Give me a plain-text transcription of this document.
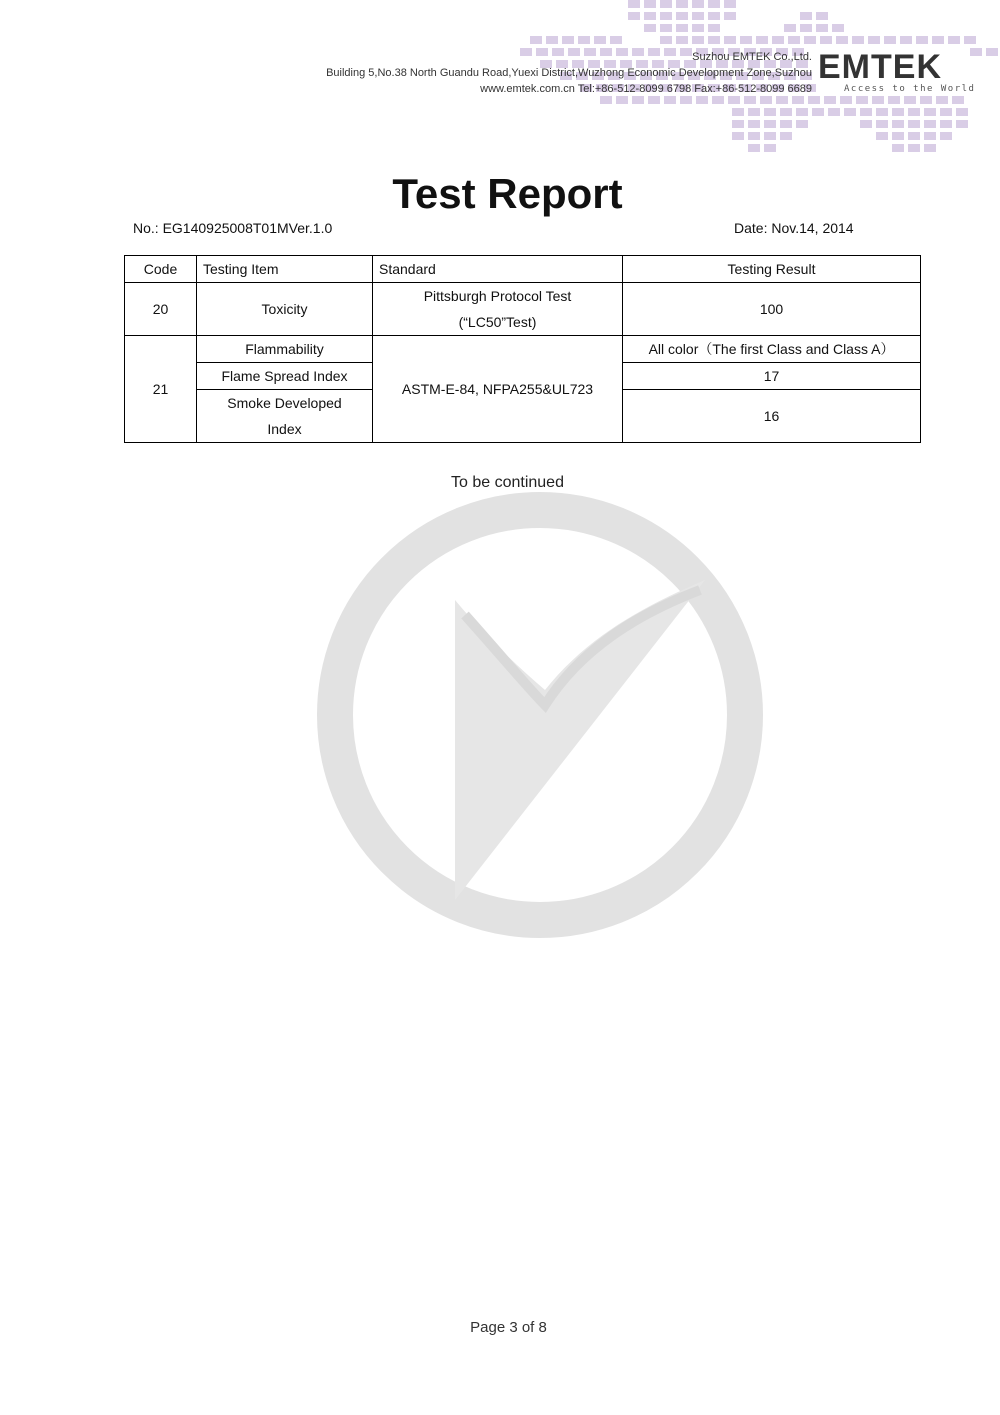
Suzhou EMTEK Co.,Ltd.
Building 5,No.38 North Guandu Road,Yuexi District,Wuzhong Economic Development Zone,Suzhou
www.emtek.com.cn Tel:+86-512-8099 6798 Fax:+86-512-8099 6689
EMTEK
Access to the World
Test Report
No.: EG140925008T01MVer.1.0	Date: Nov.14, 2014
Code	Testing Item	Standard	Testing Result
20	Toxicity	Pittsburgh Protocol Test
(“LC50”Test)	100
21	Flammability	ASTM-E-84, NFPA255&UL723	All color（The first Class and Class A）
	Flame Spread Index		17

	Smoke Developed
Index		16
To be continued
Page 3 of 8
